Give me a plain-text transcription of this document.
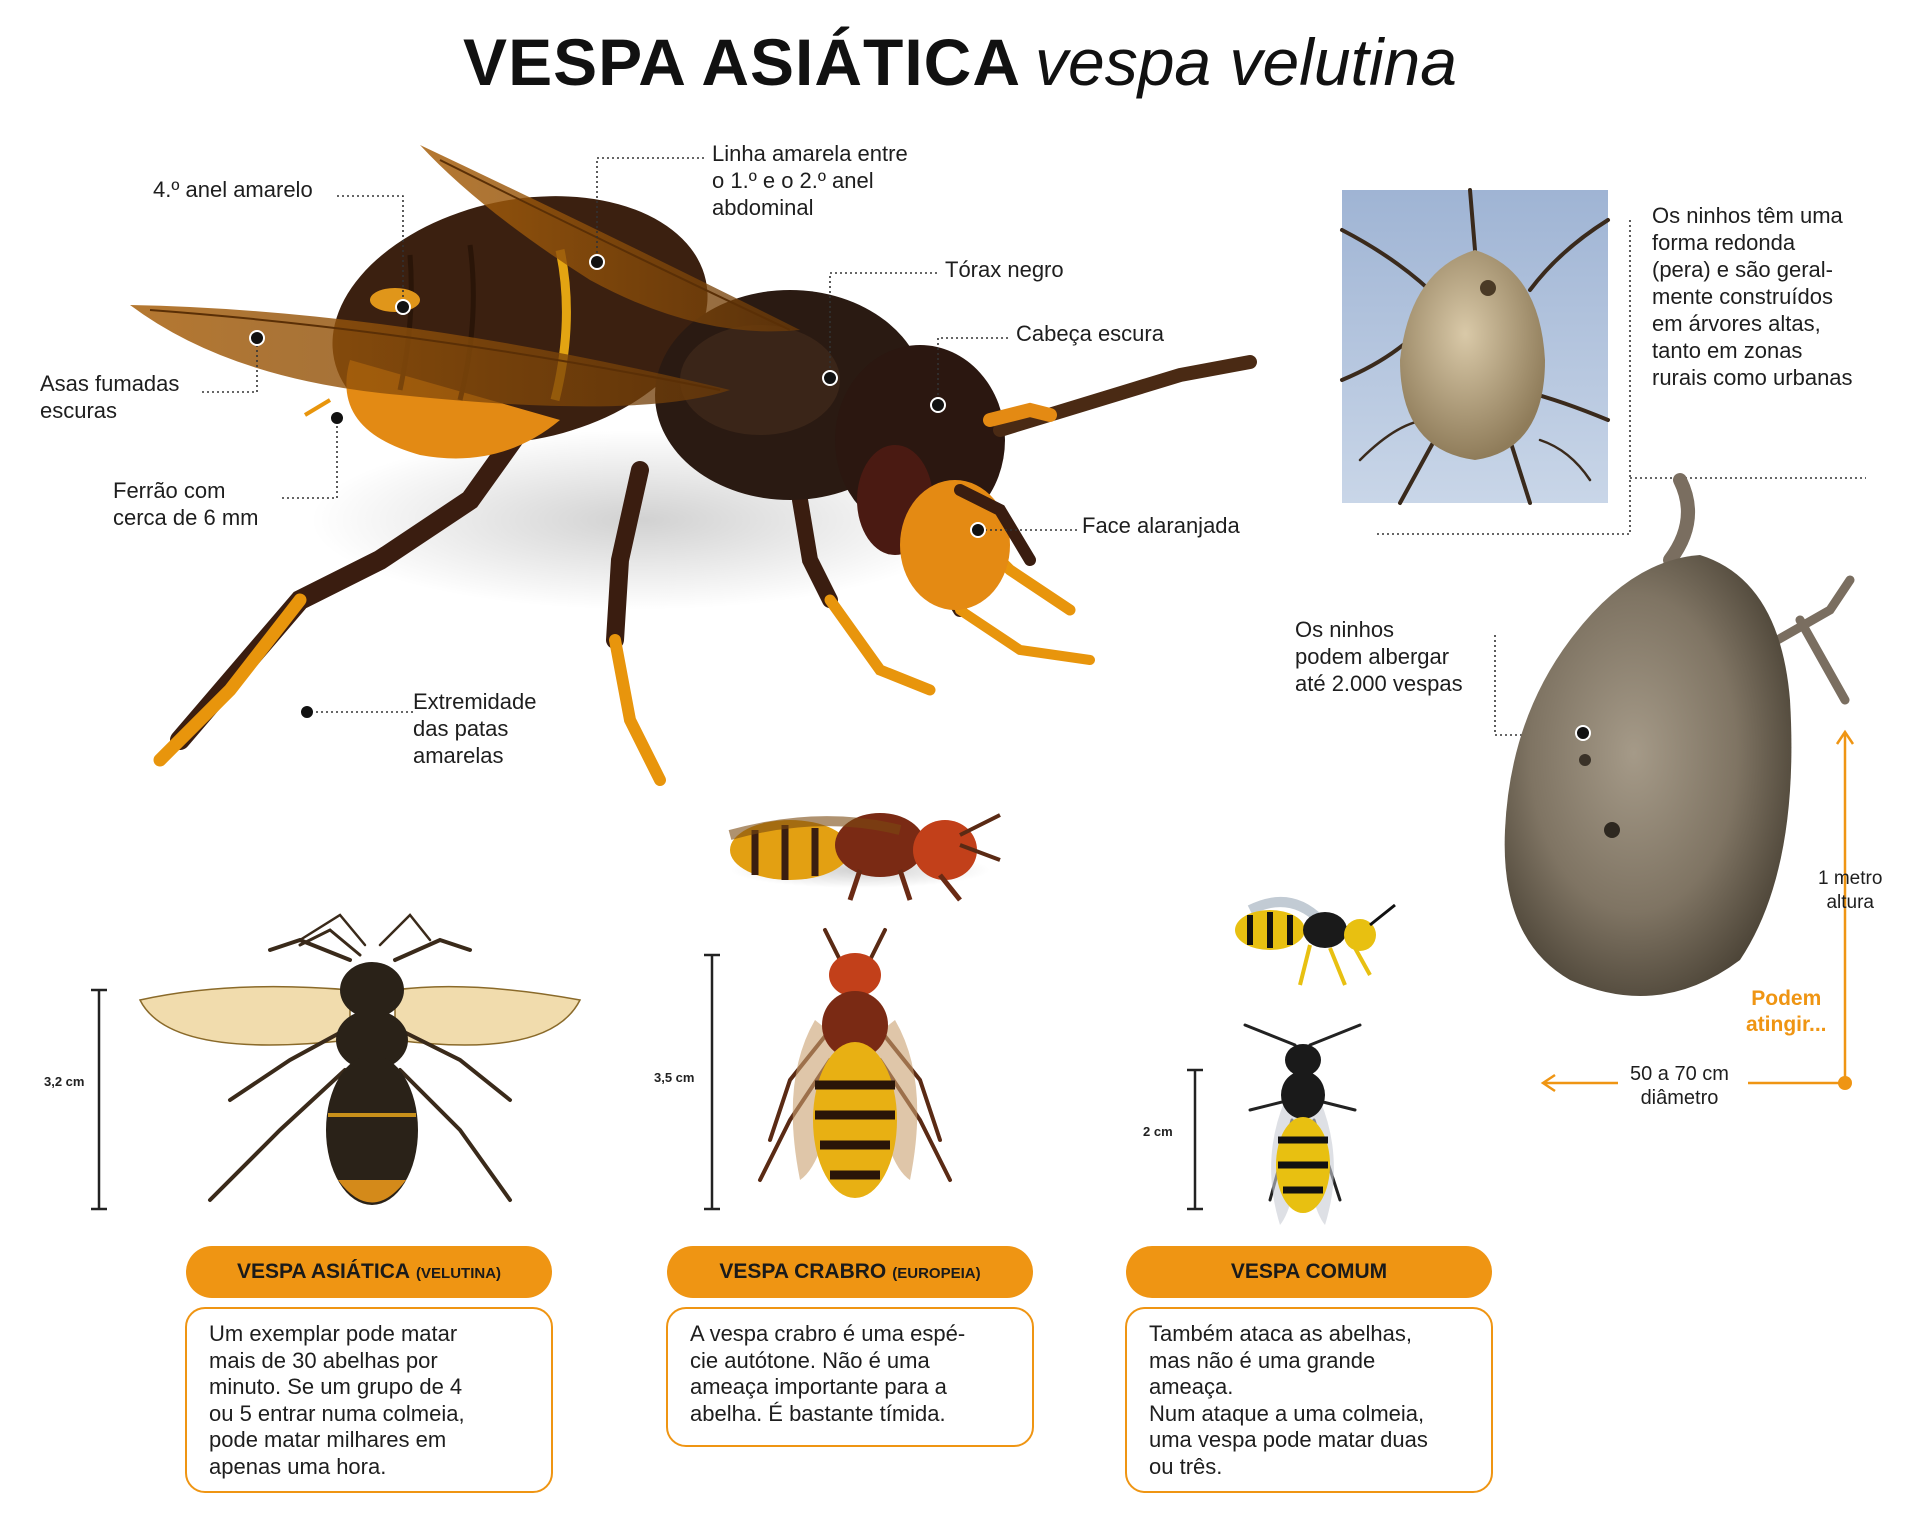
VESPA ASIÁTICA vespa velutina
4.º anel amarelo
Linha amarela entre
o 1.º e o 2.º anel
abdominal
Tórax negro
Cabeça escura
Asas fumadas
escuras
Ferrão com
cerca de 6 mm	Face alaranjada
Extremidade
das patas
amarelas
Os ninhos têm uma
forma redonda
(pera) e são geral-
mente construídos
em árvores altas,
tanto em zonas
rurais como urbanas
Os ninhos
podem albergar
até 2.000 vespas
1 metro
altura
Podem
atingir...
50 a 70 cm
diâmetro
3,2 cm	3,5 cm
2 cm
VESPA ASIÁTICA (VELUTINA)	VESPA CRABRO (EUROPEIA)	VESPA COMUM

Um exemplar pode matar

mais de 30 abelhas por

minuto. Se um grupo de 4

ou 5 entrar numa colmeia,

pode matar milhares em

apenas uma hora.

A vespa crabro é uma espé-

cie autótone. Não é uma

ameaça importante para a

abelha. É bastante tímida.

Também ataca as abelhas,

mas não é uma grande

ameaça.

Num ataque a uma colmeia,

uma vespa pode matar duas

ou três.
